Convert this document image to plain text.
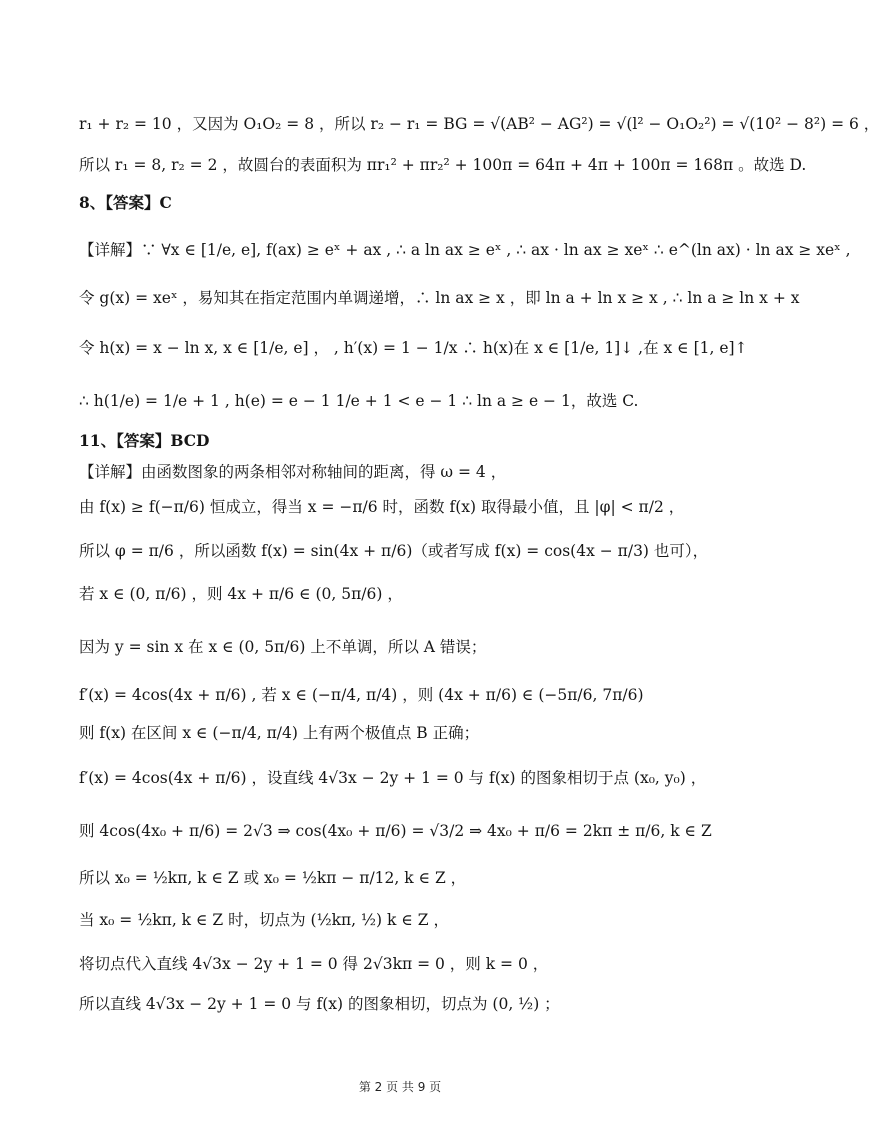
r₁ + r₂ = 10 ，又因为 O₁O₂ = 8 ，所以 r₂ − r₁ = BG = √(AB² − AG²) = √(l² − O₁O₂²) = √(10² − 8²) = 6 ，
所以 r₁ = 8, r₂ = 2 ，故圆台的表面积为 πr₁² + πr₂² + 100π = 64π + 4π + 100π = 168π 。故选 D.
8、【答案】C
【详解】∵ ∀x ∈ [1/e, e], f(ax) ≥ eˣ + ax , ∴ a ln ax ≥ eˣ , ∴ ax · ln ax ≥ xeˣ ∴ e^(ln ax) · ln ax ≥ xeˣ ,
令 g(x) = xeˣ ，易知其在指定范围内单调递增，∴ ln ax ≥ x ，即 ln a + ln x ≥ x , ∴ ln a ≥ ln x + x
令 h(x) = x − ln x, x ∈ [1/e, e] ， , h′(x) = 1 − 1/x ∴ h(x)在 x ∈ [1/e, 1]↓ ,在 x ∈ [1, e]↑
∴ h(1/e) = 1/e + 1 , h(e) = e − 1 1/e + 1 < e − 1 ∴ ln a ≥ e − 1，故选 C.
11、【答案】BCD
【详解】由函数图象的两条相邻对称轴间的距离，得 ω = 4 ，
由 f(x) ≥ f(−π/6) 恒成立，得当 x = −π/6 时，函数 f(x) 取得最小值，且 |φ| < π/2 ，
所以 φ = π/6 ，所以函数 f(x) = sin(4x + π/6)（或者写成 f(x) = cos(4x − π/3) 也可），
若 x ∈ (0, π/6) ，则 4x + π/6 ∈ (0, 5π/6) ，
因为 y = sin x 在 x ∈ (0, 5π/6) 上不单调，所以 A 错误；
f′(x) = 4cos(4x + π/6) , 若 x ∈ (−π/4, π/4) ，则 (4x + π/6) ∈ (−5π/6, 7π/6)
则 f(x) 在区间 x ∈ (−π/4, π/4) 上有两个极值点 B 正确；
f′(x) = 4cos(4x + π/6) ，设直线 4√3x − 2y + 1 = 0 与 f(x) 的图象相切于点 (x₀, y₀) ，
则 4cos(4x₀ + π/6) = 2√3 ⇒ cos(4x₀ + π/6) = √3/2 ⇒ 4x₀ + π/6 = 2kπ ± π/6, k ∈ Z
所以 x₀ = ½kπ, k ∈ Z 或 x₀ = ½kπ − π/12, k ∈ Z ，
当 x₀ = ½kπ, k ∈ Z 时，切点为 (½kπ, ½) k ∈ Z ，
将切点代入直线 4√3x − 2y + 1 = 0 得 2√3kπ = 0 ，则 k = 0 ，
所以直线 4√3x − 2y + 1 = 0 与 f(x) 的图象相切，切点为 (0, ½) ；
第 2 页 共 9 页
